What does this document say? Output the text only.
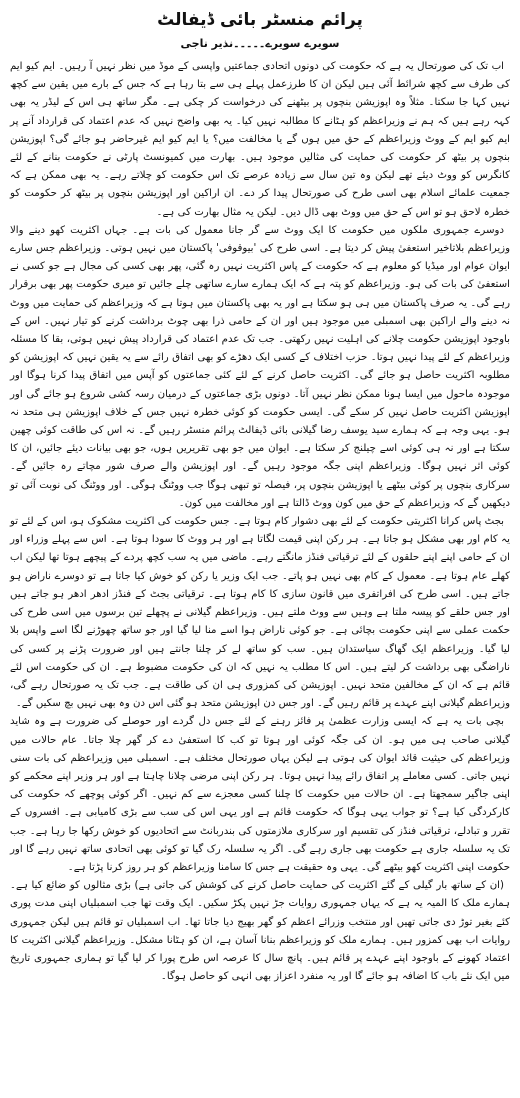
پرائم منسٹر بائی ڈیفالٹ
سویرے سویرے۔۔۔۔۔نذیر ناجی

اب تک کی صورتحال یہ ہے کہ حکومت کی دونوں اتحادی جماعتیں واپسی کے موڈ میں نظر نہیں آ رہیں۔ ایم کیو ایم کی طرف سے کچھ شرائط آئی ہیں لیکن ان کا طرزعمل پہلے ہی سے بتا رہا ہے کہ جس کے بارے میں یقین سے کچھ نہیں کہا جا سکتا۔ مثلاً وہ اپوزیشن بنچوں پر بیٹھنے کی درخواست کر چکی ہے۔ مگر ساتھ ہی اس کے لیڈر یہ بھی کہہ رہے ہیں کہ ہم نے وزیراعظم کو ہٹانے کا مطالبہ نہیں کیا۔ یہ بھی واضح نہیں کہ عدم اعتماد کی قرارداد آنے پر ایم کیو ایم کے ووٹ وزیراعظم کے حق میں ہوں گے یا مخالفت میں؟ یا ایم کیو ایم غیرحاضر ہو جائے گی؟ اپوزیشن بنچوں پر بیٹھ کر حکومت کی حمایت کی مثالیں موجود ہیں۔ بھارت میں کمیونسٹ پارٹی نے حکومت بنانے کے لئے کانگرس کو ووٹ دیئے تھے لیکن وہ تین سال سے زیادہ عرصے تک اس حکومت کو چلاتے رہے۔ یہ بھی ممکن ہے کہ جمعیت علمائے اسلام بھی اسی طرح کی صورتحال پیدا کر دے۔ ان اراکین اور اپوزیشن بنچوں پر بیٹھ کر حکومت کو خطرہ لاحق ہو تو اس کے حق میں ووٹ بھی ڈال دیں۔ لیکن یہ مثال بھارت کی ہے۔

دوسرے جمہوری ملکوں میں حکومت کا ایک ووٹ سے گر جانا معمول کی بات ہے۔ جہاں اکثریت کھو دینے والا وزیراعظم بلاتاخیر استعفیٰ پیش کر دیتا ہے۔ اسی طرح کی 'بیوقوفی' پاکستان میں نہیں ہوتی۔ وزیراعظم جس سارے ایوان عوام اور میڈیا کو معلوم ہے کہ حکومت کے پاس اکثریت نہیں رہ گئی، پھر بھی کسی کی مجال ہے جو کسی نے استعفیٰ کی بات کی ہو۔ وزیراعظم کو پتہ ہے کہ ایک ہمارے سارے ساتھی چلے جائیں تو میری حکومت پھر بھی برقرار رہے گی۔ یہ صرف پاکستان میں ہی ہو سکتا ہے اور یہ بھی پاکستان میں ہوتا ہے کہ وزیراعظم کی حمایت میں ووٹ نہ دینے والے اراکین بھی اسمبلی میں موجود ہیں اور ان کے حامی ذرا بھی چوٹ برداشت کرنے کو تیار نہیں۔ اس کے باوجود اپوزیشن حکومت چلانے کی اہلیت نہیں رکھتی۔ جب تک عدم اعتماد کی قرارداد پیش نہیں ہوتی، بقا کا مسئلہ وزیراعظم کے لئے پیدا نہیں ہوتا۔ حزب اختلاف کے کسی ایک دھڑے کو بھی اتفاق رائے سے یہ یقین نہیں کہ اپوزیشن کو مطلوبہ اکثریت حاصل ہو جائے گی۔ اکثریت حاصل کرنے کے لئے کئی جماعتوں کو آپس میں اتفاق پیدا کرنا ہوگا اور موجودہ ماحول میں ایسا ہونا ممکن نظر نہیں آتا۔ دونوں بڑی جماعتوں کے درمیان رسہ کشی شروع ہو جائے گی اور اپوزیشن اکثریت حاصل نہیں کر سکے گی۔ ایسی حکومت کو کوئی خطرہ نہیں جس کے خلاف اپوزیشن ہی متحد نہ ہو۔ یہی وجہ ہے کہ ہمارے سید یوسف رضا گیلانی بائی ڈیفالٹ پرائم منسٹر رہیں گے۔ نہ اس کی طاقت کوئی چھین سکتا ہے اور نہ ہی کوئی اسے چیلنج کر سکتا ہے۔ ایوان میں جو بھی تقریریں ہوں، جو بھی بیانات دیئے جائیں، ان کا کوئی اثر نہیں ہوگا۔ وزیراعظم اپنی جگہ موجود رہیں گے۔ اور اپوزیشن والے صرف شور مچاتے رہ جائیں گے۔ سرکاری بنچوں پر کوئی بیٹھے یا اپوزیشن بنچوں پر، فیصلہ تو تبھی ہوگا جب ووٹنگ ہوگی۔ اور ووٹنگ کی نوبت آئی تو دیکھیں گے کہ وزیراعظم کے حق میں کون ووٹ ڈالتا ہے اور مخالفت میں کون۔

بجٹ پاس کرانا اکثریتی حکومت کے لئے بھی دشوار کام ہوتا ہے۔ جس حکومت کی اکثریت مشکوک ہو، اس کے لئے تو یہ کام اور بھی مشکل ہو جاتا ہے۔ ہر رکن اپنی قیمت لگاتا ہے اور ہر ووٹ کا سودا ہوتا ہے۔ اس سے پہلے وزراء اور ان کے حامی اپنے اپنے حلقوں کے لئے ترقیاتی فنڈز مانگتے رہے۔ ماضی میں یہ سب کچھ پردے کے پیچھے ہوتا تھا لیکن اب کھلے عام ہوتا ہے۔ معمول کے کام بھی نہیں ہو پاتے۔ جب ایک وزیر یا رکن کو خوش کیا جاتا ہے تو دوسرے ناراض ہو جاتے ہیں۔ اسی طرح کی افراتفری میں قانون سازی کا کام ہوتا ہے۔ ترقیاتی بجٹ کے فنڈز ادھر ادھر ہو جاتے ہیں اور جس حلقے کو پیسہ ملتا ہے وہیں سے ووٹ ملتے ہیں۔ وزیراعظم گیلانی نے پچھلے تین برسوں میں اسی طرح کی حکمت عملی سے اپنی حکومت بچائی ہے۔ جو کوئی ناراض ہوا اسے منا لیا گیا اور جو ساتھ چھوڑنے لگا اسے واپس بلا لیا گیا۔ وزیراعظم ایک گھاگ سیاستدان ہیں۔ سب کو ساتھ لے کر چلنا جانتے ہیں اور ضرورت پڑنے پر کسی کی ناراضگی بھی برداشت کر لیتے ہیں۔ اس کا مطلب یہ نہیں کہ ان کی حکومت مضبوط ہے۔ ان کی حکومت اس لئے قائم ہے کہ ان کے مخالفین متحد نہیں۔ اپوزیشن کی کمزوری ہی ان کی طاقت ہے۔ جب تک یہ صورتحال رہے گی، وزیراعظم گیلانی اپنے عہدے پر قائم رہیں گے۔ اور جس دن اپوزیشن متحد ہو گئی اس دن وہ بھی نہیں بچ سکیں گے۔

بچی بات یہ ہے کہ ایسی وزارت عظمیٰ پر فائز رہنے کے لئے جس دل گردے اور حوصلے کی ضرورت ہے وہ شاید گیلانی صاحب ہی میں ہو۔ ان کی جگہ کوئی اور ہوتا تو کب کا استعفیٰ دے کر گھر چلا جاتا۔ عام حالات میں وزیراعظم کی حیثیت قائد ایوان کی ہوتی ہے لیکن یہاں صورتحال مختلف ہے۔ اسمبلی میں وزیراعظم کی بات سنی نہیں جاتی۔ کسی معاملے پر اتفاق رائے پیدا نہیں ہوتا۔ ہر رکن اپنی مرضی چلانا چاہتا ہے اور ہر وزیر اپنے محکمے کو اپنی جاگیر سمجھتا ہے۔ ان حالات میں حکومت کا چلنا کسی معجزے سے کم نہیں۔ اگر کوئی پوچھے کہ حکومت کی کارکردگی کیا ہے؟ تو جواب یہی ہوگا کہ حکومت قائم ہے اور یہی اس کی سب سے بڑی کامیابی ہے۔ افسروں کے تقرر و تبادلے، ترقیاتی فنڈز کی تقسیم اور سرکاری ملازمتوں کی بندربانٹ سے اتحادیوں کو خوش رکھا جا رہا ہے۔ جب تک یہ سلسلہ جاری ہے حکومت بھی جاری رہے گی۔ اگر یہ سلسلہ رک گیا تو کوئی بھی اتحادی ساتھ نہیں رہے گا اور حکومت اپنی اکثریت کھو بیٹھے گی۔ یہی وہ حقیقت ہے جس کا سامنا وزیراعظم کو ہر روز کرنا پڑتا ہے۔

(ان کے ساتھ بار گیلی کے گئے اکثریت کی حمایت حاصل کرنے کی کوشش کی جاتی ہے) بڑی مثالوں کو ضائع کیا ہے۔ ہمارے ملک کا المیہ یہ ہے کہ یہاں جمہوری روایات جڑ نہیں پکڑ سکیں۔ ایک وقت تھا جب اسمبلیاں اپنی مدت پوری کئے بغیر توڑ دی جاتی تھیں اور منتخب وزرائے اعظم کو گھر بھیج دیا جاتا تھا۔ اب اسمبلیاں تو قائم ہیں لیکن جمہوری روایات اب بھی کمزور ہیں۔ ہمارے ملک کو وزیراعظم بنانا آسان ہے، ان کو ہٹانا مشکل۔ وزیراعظم گیلانی اکثریت کا اعتماد کھونے کے باوجود اپنے عہدے پر قائم ہیں۔ پانچ سال کا عرصہ اس طرح پورا کر لیا گیا تو ہماری جمہوری تاریخ میں ایک نئے باب کا اضافہ ہو جائے گا اور یہ منفرد اعزاز بھی انہی کو حاصل ہوگا۔
